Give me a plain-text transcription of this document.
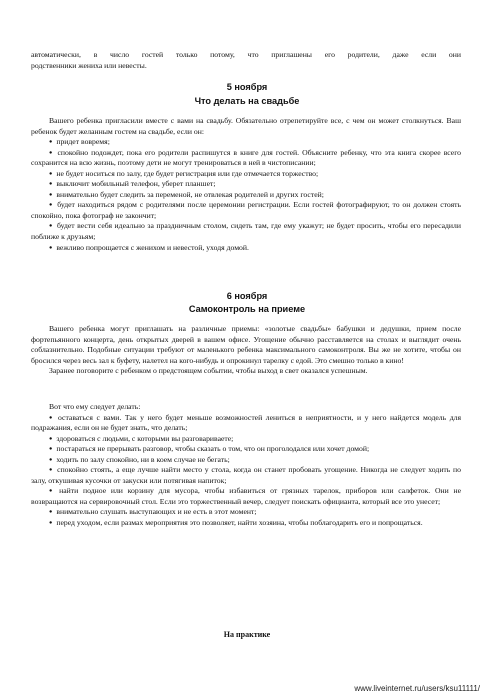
автоматически, в число гостей только потому, что приглашены его родители, даже если они

родственники жениха или невесты.

5 ноября
Что делать на свадьбе

Вашего ребенка пригласили вместе с вами на свадьбу. Обязательно отрепетируйте все, с чем он может столкнуться. Ваш ребенок будет желанным гостем на свадьбе, если он:

● придет вовремя;

● спокойно подождет, пока его родители распишутся в книге для гостей. Объясните ребенку, что эта книга скорее всего сохранится на всю жизнь, поэтому дети не могут тренироваться в ней в чистописании;

● не будет носиться по залу, где будет регистрация или где отмечается торжество;

● выключит мобильный телефон, уберет планшет;

● внимательно будет следить за переменой, не отвлекая родителей и других гостей;

● будет находиться рядом с родителями после церемонии регистрации. Если гостей фотографируют, то он должен стоять спокойно, пока фотограф не закончит;

● будет вести себя идеально за праздничным столом, сидеть там, где ему укажут; не будет просить, чтобы его пересадили поближе к друзьям;

● вежливо попрощается с женихом и невестой, уходя домой.

6 ноября
Самоконтроль на приеме

Вашего ребенка могут приглашать на различные приемы: «золотые свадьбы» бабушки и дедушки, прием после фортепьянного концерта, день открытых дверей в вашем офисе. Угощение обычно расставляется на столах и выглядит очень соблазнительно. Подобные ситуации требуют от маленького ребенка максимального самоконтроля. Вы же не хотите, чтобы он бросился через весь зал к буфету, налетел на кого-нибудь и опрокинул тарелку с едой. Это смешно только в кино!

Заранее поговорите с ребенком о предстоящем событии, чтобы выход в свет оказался успешным.

Вот что ему следует делать:

● оставаться с вами. Так у него будет меньше возможностей лениться в неприятности, и у него найдется модель для подражания, если он не будет знать, что делать;

● здороваться с людьми, с которыми вы разговариваете;

● постараться не прерывать разговор, чтобы сказать о том, что он проголодался или хочет домой;

● ходить по залу спокойно, ни в коем случае не бегать;

● спокойно стоять, а еще лучше найти место у стола, когда он станет пробовать угощение. Никогда не следует ходить по залу, откушивая кусочки от закуски или потягивая напиток;

● найти подное или корзину для мусора, чтобы избавиться от грязных тарелок, приборов или салфеток. Они не возвращаются на сервировочный стол. Если это торжественный вечер, следует поискать официанта, который все это унесет;

● внимательно слушать выступающих и не есть в этот момент;

● перед уходом, если размах мероприятия это позволяет, найти хозяина, чтобы поблагодарить его и попрощаться.

На практике
www.liveinternet.ru/users/ksu11111/
